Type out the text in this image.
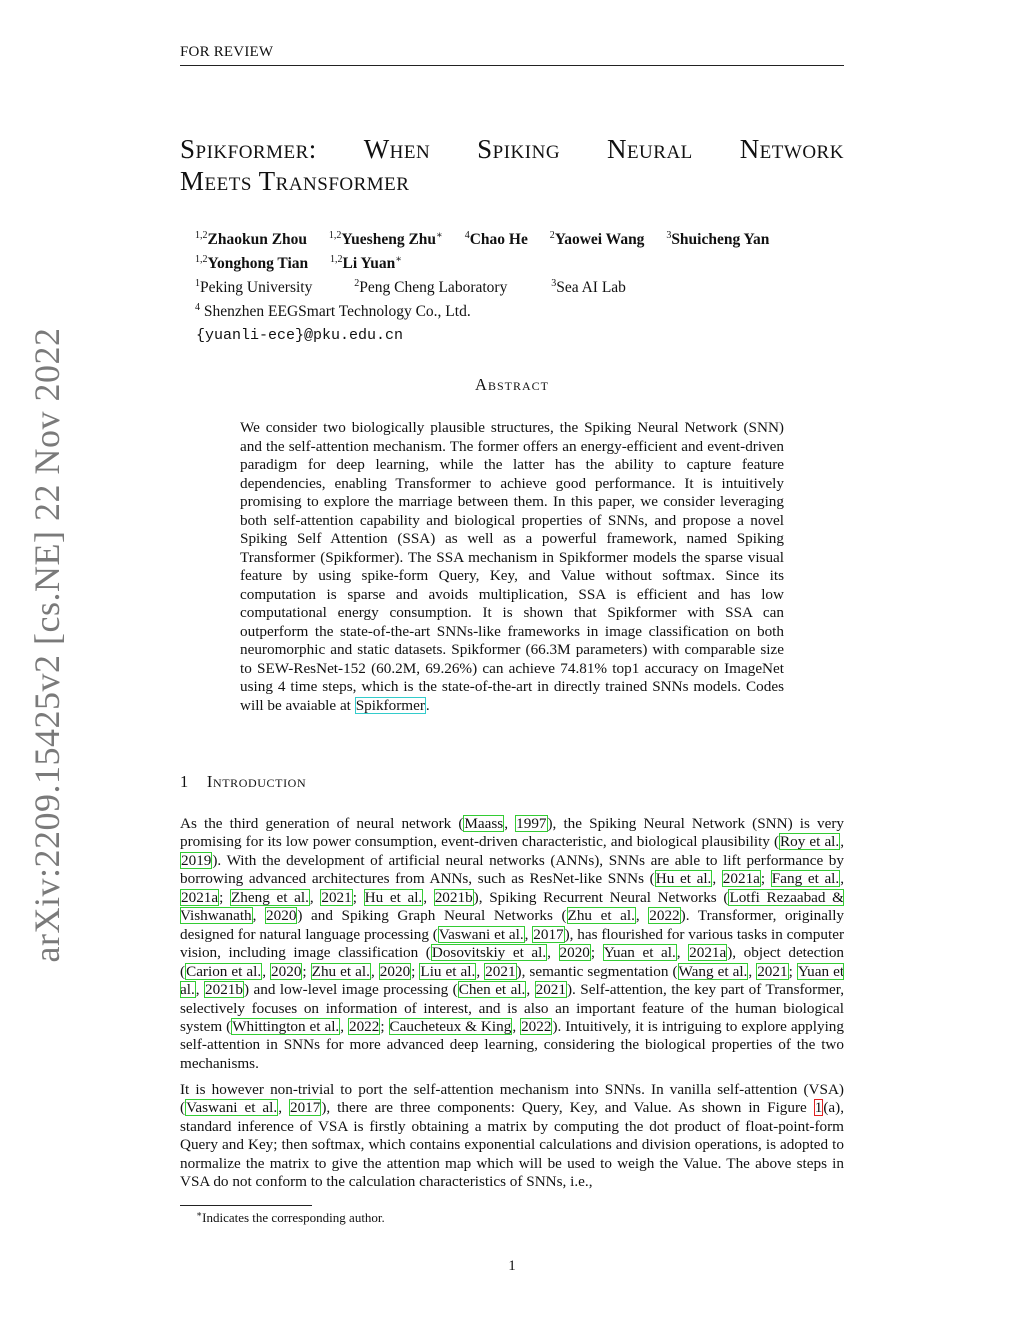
FOR REVIEW
arXiv:2209.15425v2 [cs.NE] 22 Nov 2022
Spikformer: When Spiking Neural Network
Meets Transformer
$^{1,2}$Zhaokun Zhou $^{1,2}$Yuesheng Zhu∗ $^4$Chao He $^2$Yaowei Wang $^3$Shuicheng Yan
$^{1,2}$Yonghong Tian $^{1,2}$Li Yuan∗
$^1$Peking University	$^2$Peng Cheng Laboratory	$^3$Sea AI Lab
$^4$ Shenzhen EEGSmart Technology Co., Ltd.
{yuanli-ece}@pku.edu.cn
Abstract
We consider two biologically plausible structures, the Spiking Neural Network (SNN) and the self-attention mechanism. The former offers an energy-efficient and event-driven paradigm for deep learning, while the latter has the ability to capture feature dependencies, enabling Transformer to achieve good performance. It is intuitively promising to explore the marriage between them. In this paper, we consider leveraging both self-attention capability and biological properties of SNNs, and propose a novel Spiking Self Attention (SSA) as well as a powerful framework, named Spiking Transformer (Spikformer). The SSA mechanism in Spikformer models the sparse visual feature by using spike-form Query, Key, and Value without softmax. Since its computation is sparse and avoids multiplication, SSA is efficient and has low computational energy consumption. It is shown that Spikformer with SSA can outperform the state-of-the-art SNNs-like frameworks in image classification on both neuromorphic and static datasets. Spikformer (66.3M parameters) with comparable size to SEW-ResNet-152 (60.2M, 69.26%) can achieve 74.81% top1 accuracy on ImageNet using 4 time steps, which is the state-of-the-art in directly trained SNNs models. Codes will be avaiable at Spikformer.
1 Introduction
As the third generation of neural network (Maass, 1997), the Spiking Neural Network (SNN) is very promising for its low power consumption, event-driven characteristic, and biological plausibility (Roy et al., 2019). With the development of artificial neural networks (ANNs), SNNs are able to lift performance by borrowing advanced architectures from ANNs, such as ResNet-like SNNs (Hu et al., 2021a; Fang et al., 2021a; Zheng et al., 2021; Hu et al., 2021b), Spiking Recurrent Neural Networks (Lotfi Rezaabad & Vishwanath, 2020) and Spiking Graph Neural Networks (Zhu et al., 2022). Transformer, originally designed for natural language processing (Vaswani et al., 2017), has flourished for various tasks in computer vision, including image classification (Dosovitskiy et al., 2020; Yuan et al., 2021a), object detection (Carion et al., 2020; Zhu et al., 2020; Liu et al., 2021), semantic segmentation (Wang et al., 2021; Yuan et al., 2021b) and low-level image processing (Chen et al., 2021). Self-attention, the key part of Transformer, selectively focuses on information of interest, and is also an important feature of the human biological system (Whittington et al., 2022; Caucheteux & King, 2022). Intuitively, it is intriguing to explore applying self-attention in SNNs for more advanced deep learning, considering the biological properties of the two mechanisms.
It is however non-trivial to port the self-attention mechanism into SNNs. In vanilla self-attention (VSA) (Vaswani et al., 2017), there are three components: Query, Key, and Value. As shown in Figure 1(a), standard inference of VSA is firstly obtaining a matrix by computing the dot product of float-point-form Query and Key; then softmax, which contains exponential calculations and division operations, is adopted to normalize the matrix to give the attention map which will be used to weigh the Value. The above steps in VSA do not conform to the calculation characteristics of SNNs, i.e.,
∗Indicates the corresponding author.
1
